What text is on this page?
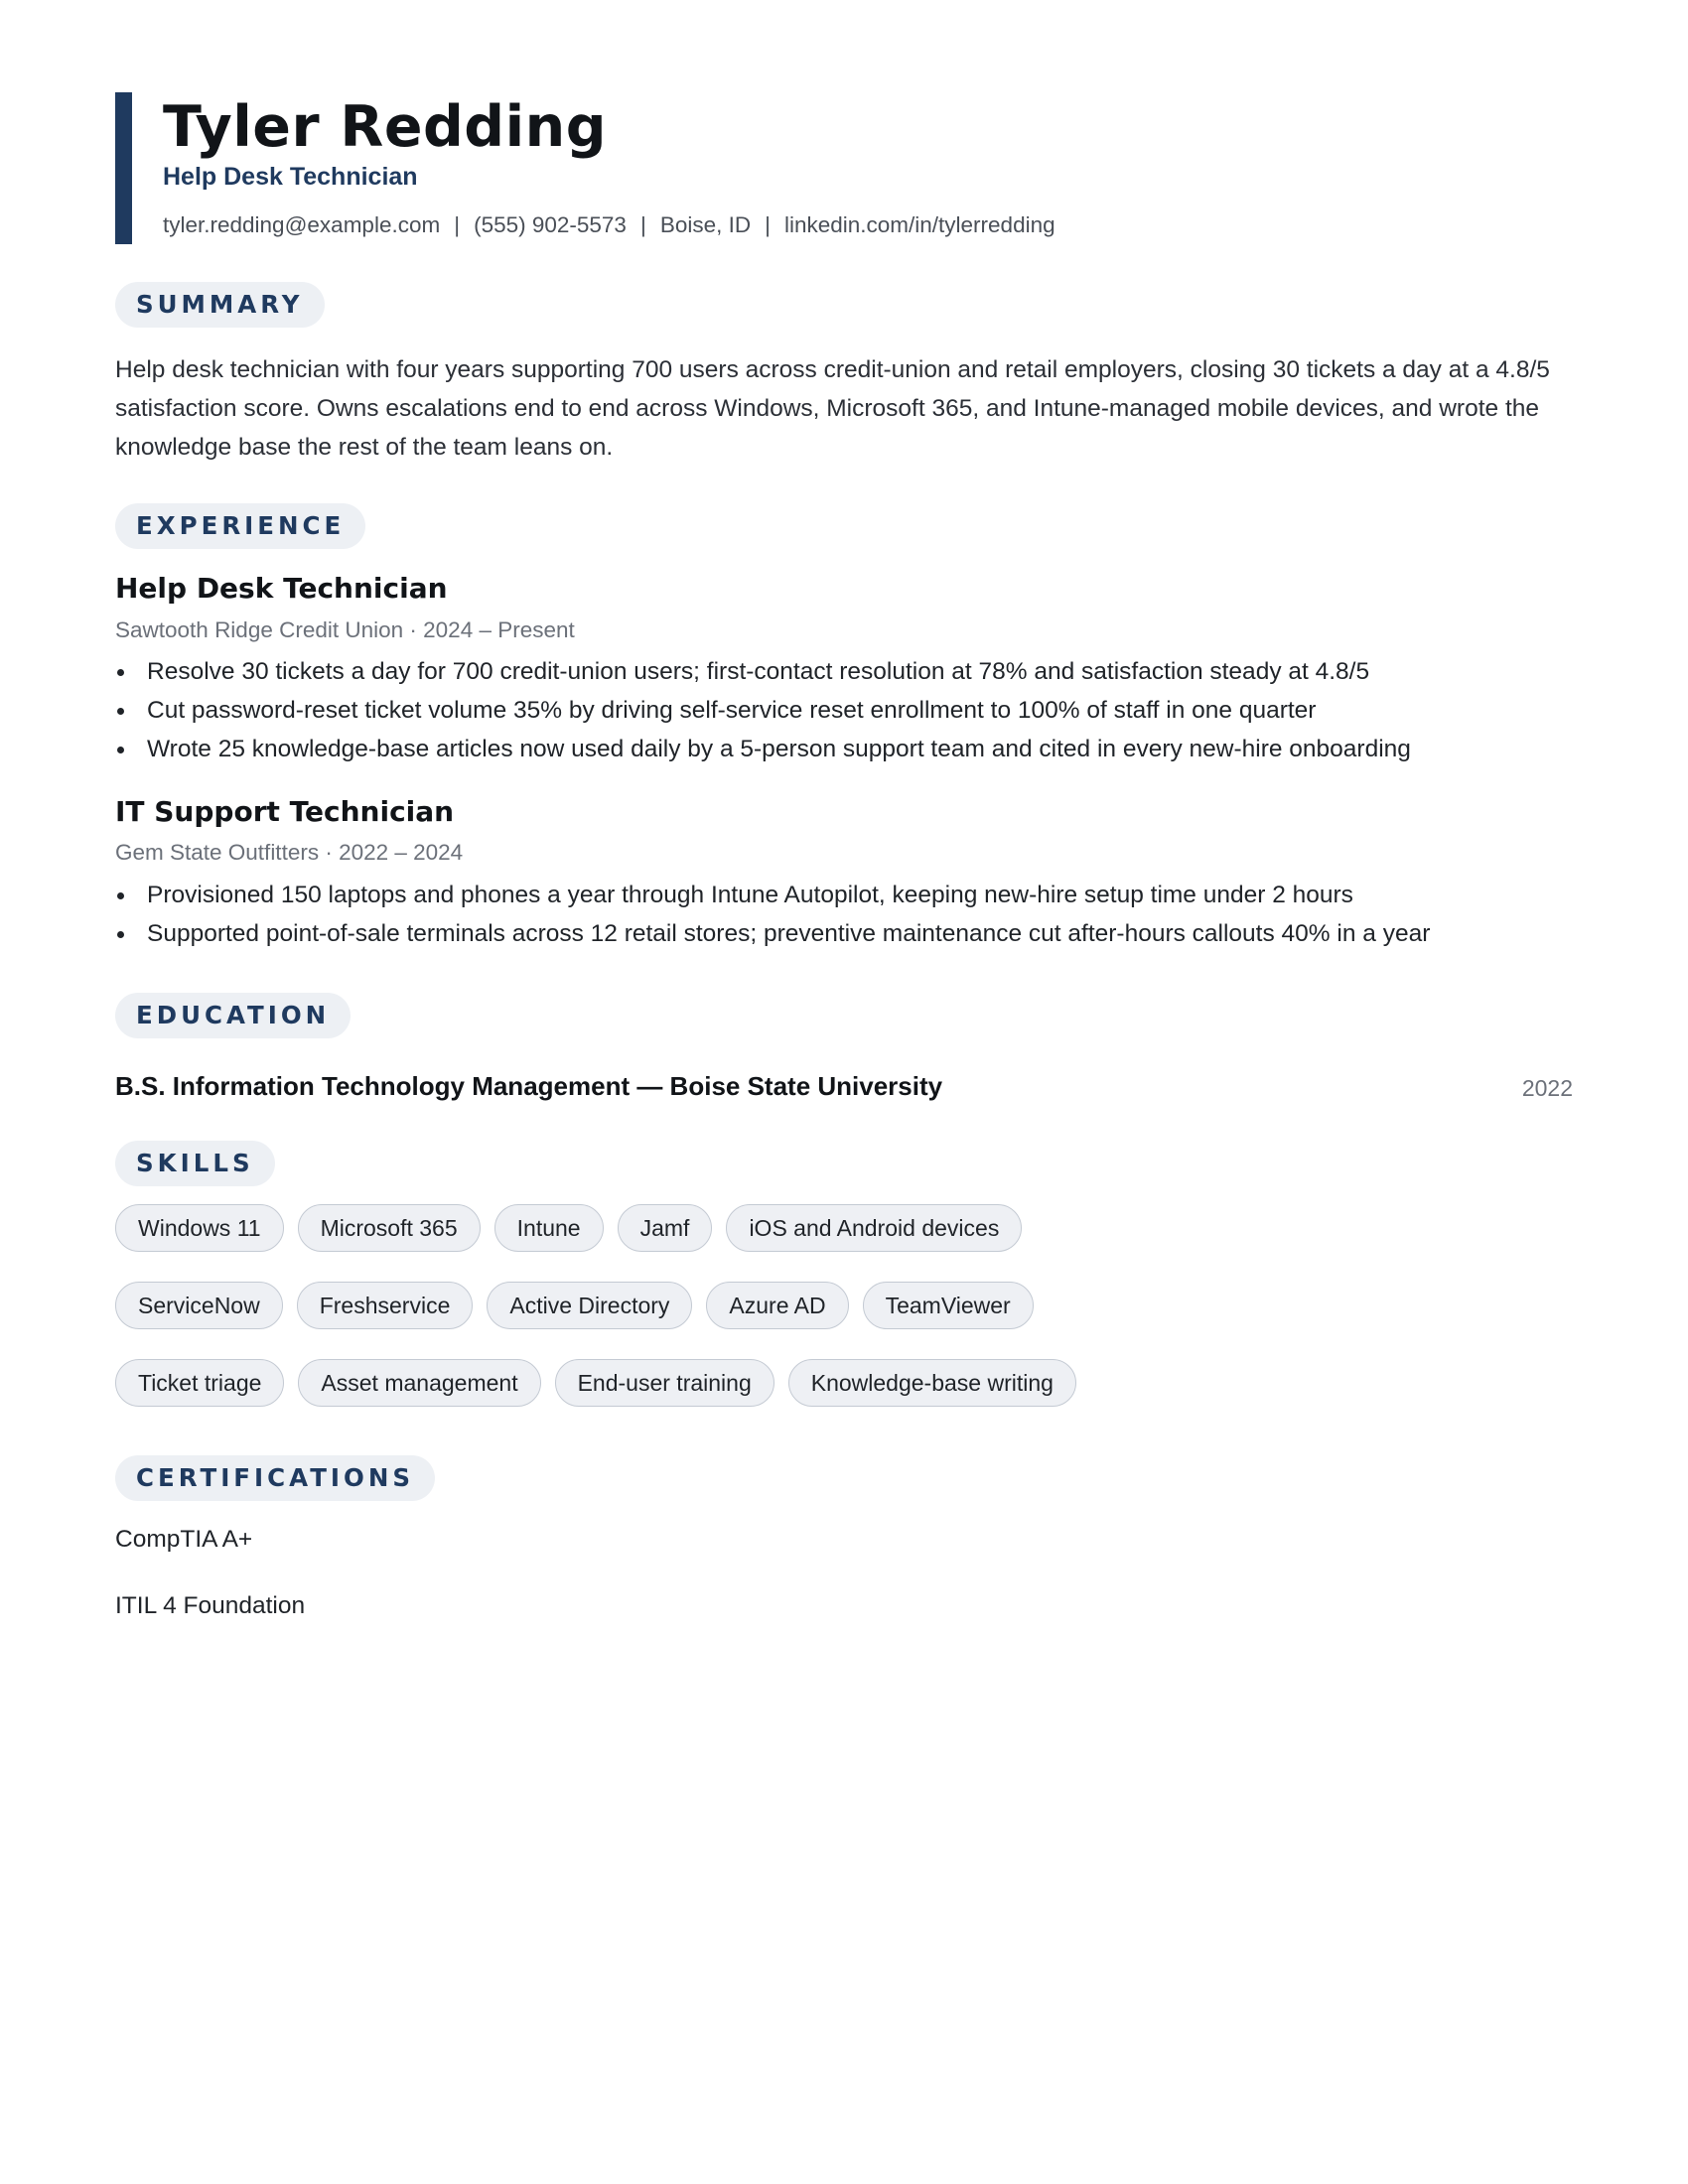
Tyler Redding
Help Desk Technician
tyler.redding@example.com | (555) 902-5573 | Boise, ID | linkedin.com/in/tylerredding
SUMMARY
Help desk technician with four years supporting 700 users across credit-union and retail employers, closing 30 tickets a day at a 4.8/5 satisfaction score. Owns escalations end to end across Windows, Microsoft 365, and Intune-managed mobile devices, and wrote the knowledge base the rest of the team leans on.
EXPERIENCE
Help Desk Technician
Sawtooth Ridge Credit Union · 2024 – Present
Resolve 30 tickets a day for 700 credit-union users; first-contact resolution at 78% and satisfaction steady at 4.8/5
Cut password-reset ticket volume 35% by driving self-service reset enrollment to 100% of staff in one quarter
Wrote 25 knowledge-base articles now used daily by a 5-person support team and cited in every new-hire onboarding
IT Support Technician
Gem State Outfitters · 2022 – 2024
Provisioned 150 laptops and phones a year through Intune Autopilot, keeping new-hire setup time under 2 hours
Supported point-of-sale terminals across 12 retail stores; preventive maintenance cut after-hours callouts 40% in a year
EDUCATION
B.S. Information Technology Management — Boise State University	2022
SKILLS
Windows 11	Microsoft 365	Intune	Jamf	iOS and Android devices
ServiceNow	Freshservice	Active Directory	Azure AD	TeamViewer
Ticket triage	Asset management	End-user training	Knowledge-base writing
CERTIFICATIONS
CompTIA A+
ITIL 4 Foundation
